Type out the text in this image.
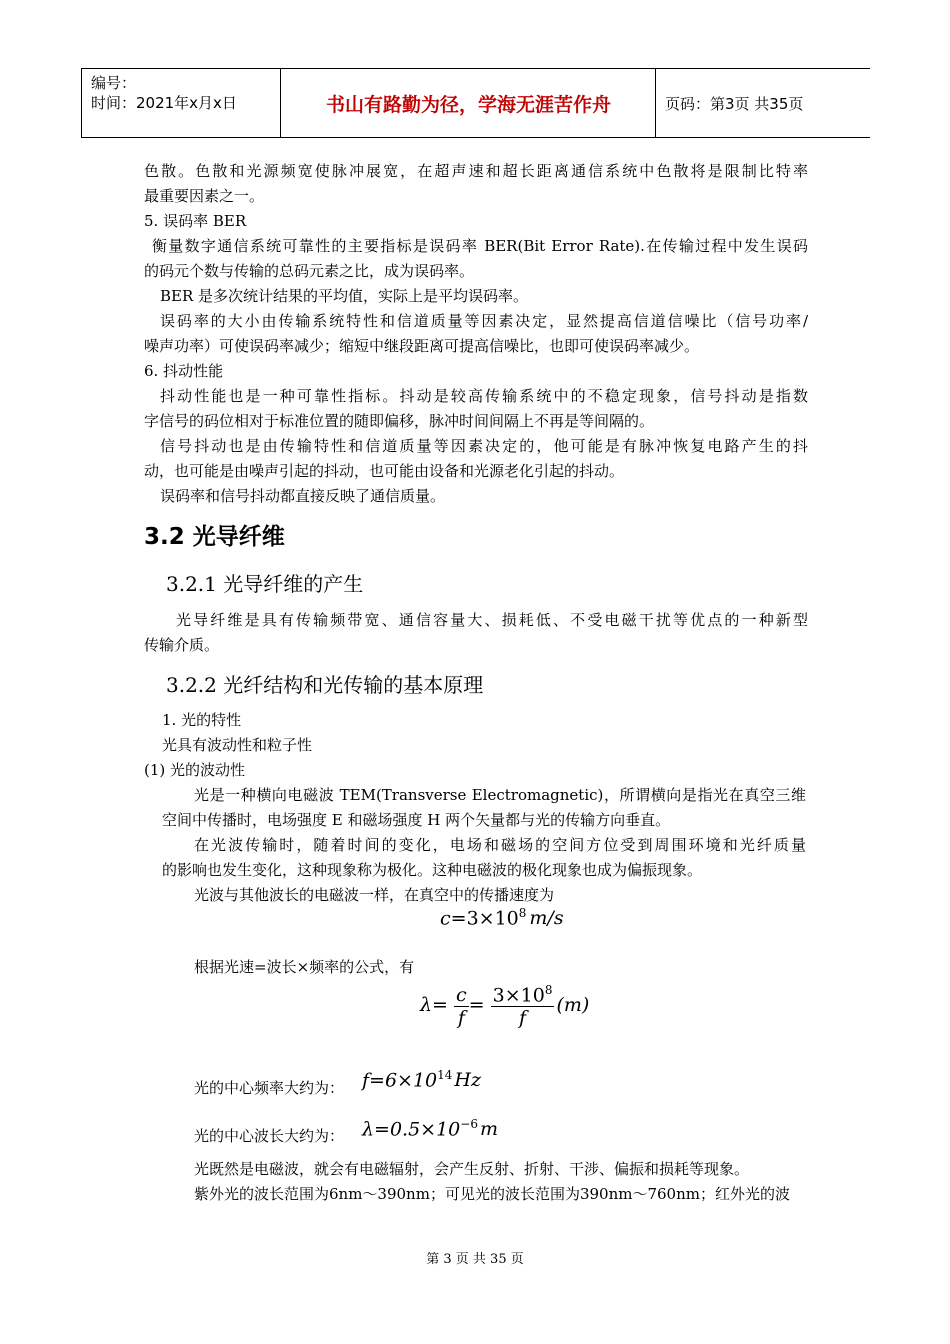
编号：
时间：2021年x月x日	书山有路勤为径，学海无涯苦作舟	页码：第3页 共35页
色散。色散和光源频宽使脉冲展宽，在超声速和超长距离通信系统中色散将是限制比特率
最重要因素之一。
5. 误码率 BER
衡量数字通信系统可靠性的主要指标是误码率 BER(Bit Error Rate).在传输过程中发生误码
的码元个数与传输的总码元素之比，成为误码率。
BER 是多次统计结果的平均值，实际上是平均误码率。
误码率的大小由传输系统特性和信道质量等因素决定，显然提高信道信噪比（信号功率/
噪声功率）可使误码率减少；缩短中继段距离可提高信噪比，也即可使误码率减少。
6. 抖动性能
抖动性能也是一种可靠性指标。抖动是较高传输系统中的不稳定现象，信号抖动是指数
字信号的码位相对于标准位置的随即偏移，脉冲时间间隔上不再是等间隔的。
信号抖动也是由传输特性和信道质量等因素决定的，他可能是有脉冲恢复电路产生的抖
动，也可能是由噪声引起的抖动，也可能由设备和光源老化引起的抖动。
误码率和信号抖动都直接反映了通信质量。
3.2 光导纤维
3.2.1 光导纤维的产生
光导纤维是具有传输频带宽、通信容量大、损耗低、不受电磁干扰等优点的一种新型
传输介质。
3.2.2 光纤结构和光传输的基本原理
1. 光的特性
光具有波动性和粒子性
(1) 光的波动性
光是一种横向电磁波 TEM(Transverse Electromagnetic)，所谓横向是指光在真空三维
空间中传播时，电场强度 E 和磁场强度 H 两个矢量都与光的传输方向垂直。
在光波传输时，随着时间的变化，电场和磁场的空间方位受到周围环境和光纤质量
的影响也发生变化，这种现象称为极化。这种电磁波的极化现象也成为偏振现象。
光波与其他波长的电磁波一样，在真空中的传播速度为
$c=3\times 10^8$ m/s
根据光速=波长×频率的公式，有
$\lambda= \frac{c}{f} = \frac{3\times 10^8}{f} (m)$
光的中心频率大约为： $f=6\times 10^{14}$ Hz
光的中心波长大约为： $\lambda=0.5\times 10^{-6}$ m
光既然是电磁波，就会有电磁辐射，会产生反射、折射、干涉、偏振和损耗等现象。
紫外光的波长范围为6nm～390nm；可见光的波长范围为390nm～760nm；红外光的波
第 3 页 共 35 页
